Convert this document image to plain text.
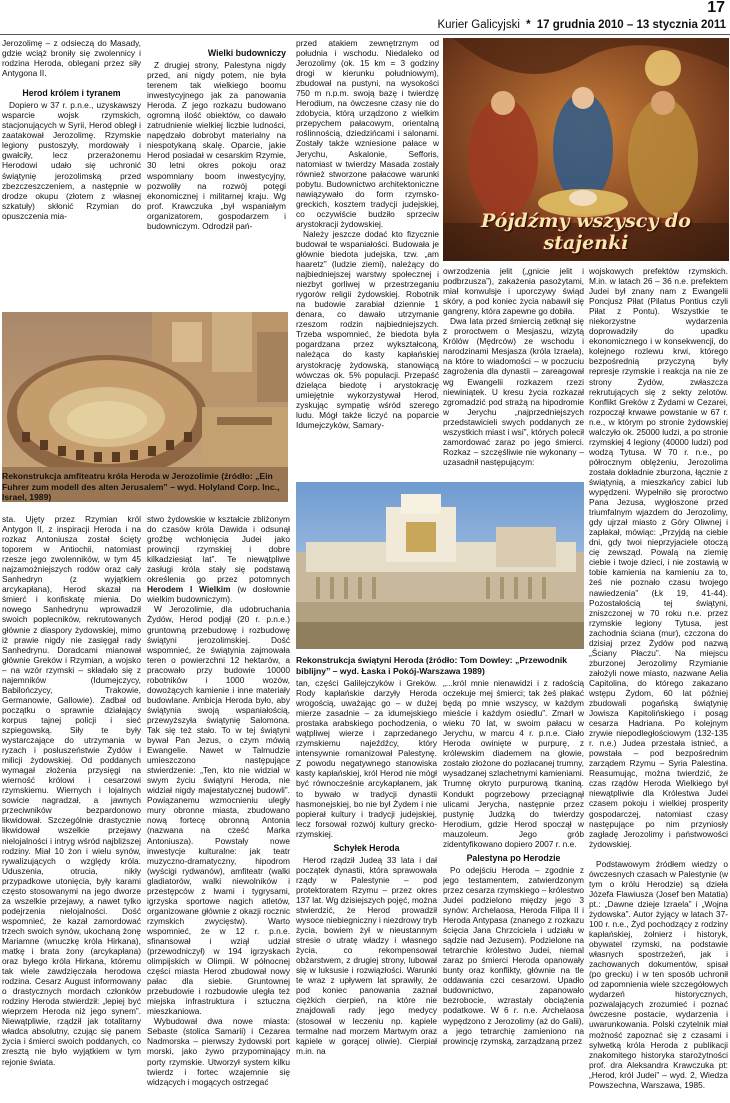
17
Kurier Galicyjski * 17 grudnia 2010 – 13 stycznia 2011

Jerozolimę – z odsieczą do Masady, gdzie wciąż broniły się zwolennicy i rodzina Heroda, oblegani przez siły Antygona II.

Herod królem i tyranem

Dopiero w 37 r. p.n.e., uzyskawszy wsparcie wojsk rzymskich, stacjonujących w Syrii, Herod obległ i zaatakował Jerozolimę. Rzymskie legiony pustoszyły, mordowały i gwałciły, lecz przerażonemu Herodowi udało się uchronić świątynię jerozolimską przed zbezczeszczeniem, a następnie w drodze okupu (złotem z własnej szkatuły) skłonić Rzymian do opuszczenia mia-

Wielki budowniczy

Z drugiej strony, Palestyna nigdy przed, ani nigdy potem, nie była terenem tak wielkiego boomu inwestycyjnego jak za panowania Heroda. Z jego rozkazu budowano ogromną ilość obiektów, co dawało zatrudnienie wielkiej liczbie ludności, napędzało dobrobyt materialny na niespotykaną skalę. Oparcie, jakie Herod posiadał w cesarskim Rzymie, 30 letni okres pokoju oraz wspomniany boom inwestycyjny, pozwoliły na rozwój potęgi ekonomicznej i militarnej kraju. Wg prof. Krawczuka „był wspaniałym organizatorem, gospodarzem i budowniczym. Odrodził pań-

przed atakiem zewnętrznym od południa i wschodu. Niedaleko od Jerozolimy (ok. 15 km = 3 godziny drogi w kierunku południowym), zbudował na pustyni, na wysokości 750 m n.p.m. swoją bazę i twierdzę Herodium, na ówczesne czasy nie do zdobycia, którą urządzono z wielkim przepychem pałacowym, orientalną roślinnością, dziedzińcami i salonami. Zostały także wzniesione pałace w Jerychu, Askalonie, Sefforis, natomiast w twierdzy Masada zostały również stworzone pałacowe warunki pobytu. Budownictwo architektoniczne nawiązywało do form rzymsko-greckich, kosztem tradycji judejskiej, co oczywiście budziło sprzeciw arystokracji żydowskiej.

Należy jeszcze dodać kto fizycznie budował te wspaniałości. Budowała je głównie biedota judejska, tzw. „am haaretz” (ludzie ziemi), należący do najbiedniejszej warstwy społecznej i niezbyt gorliwej w przestrzeganiu rygorów religii żydowskiej. Robotnik na budowie zarabiał dziennie 1 denara, co dawało utrzymanie rzeszom rodzin najbiedniejszych. Trzeba wspomnieć, że biedota była pogardzana przez wykształconą, należąca do kasty kapłańskiej arystokrację żydowską, stanowiącą wówczas ok. 5% populacji. Przepaść dzieląca biedotę i arystokrację umiejętnie wykorzystywał Herod, zyskując sympatię wśród szerego ludu. Mógł także liczyć na poparcie Idumejczyków, Samary-

owrzodzenia jelit („gnicie jelit i podbrzusza”), zakażenia pasożytami, miał konwulsje i uporczywy świąd skóry, a pod koniec życia nabawił się gangreny, która zapewne go dobiła.

Dwa lata przed śmiercią zetknął się z proroctwem o Mesjaszu, wizytą Królów (Mędrców) ze wschodu i narodzinami Mesjasza (króla Izraela), na które to wiadomości – w poczuciu zagrożenia dla dynastii – zareagował wg Ewangelii rozkazem rzezi niewiniątek. U kresu życia rozkazał zgromadzić pod strażą na hipodromie w Jerychu „najprzedniejszych przedstawicieli swych poddanych ze wszystkich miast i wsi”, których polecił zamordować zaraz po jego śmierci. Rozkaz – szczęśliwie nie wykonany – uzasadnił następującym:

wojskowych prefektów rzymskich. M.in. w latach 26 – 36 n.e. prefektem Judei był znany nam z Ewangelii Poncjusz Piłat (Pilatus Pontius czyli Piłat z Pontu). Wszystkie te niekorzystne wydarzenia doprowadziły do upadku ekonomicznego i w konsekwencji, do kolejnego rozlewu krwi, którego bezpośrednią przyczyną były represje rzymskie i reakcja na nie ze strony Żydów, zwłaszcza rekrutujących się z sekty zelotów. Konflikt Greków z Żydami w Cezarei, rozpoczął krwawe powstanie w 67 r. n.e., w którym po stronie żydowskiej walczyło ok. 25000 ludzi, a po stronie rzymskiej 4 legiony (40000 ludzi) pod wodzą Tytusa. W 70 r. n.e., po półrocznym oblężeniu, Jerozolima została dokładnie zburzona, łącznie z świątynią, a mieszkańcy zabici lub wypędzeni. Wypełniło się proroctwo Pana Jezusa, wygłoszone przed triumfalnym wjazdem do Jerozolimy, gdy ujrzał miasto z Góry Oliwnej i zapłakał, mówiąc: „Przyjdą na ciebie dni, gdy twoi nieprzyjaciele otoczą cię zewsząd. Powalą na ziemię ciebie i twoje dzieci, i nie zostawią w tobie kamienia na kamieniu za to, żeś nie poznało czasu twojego nawiedzenia” (Łk 19, 41-44). Pozostałością tej świątyni, zniszczonej w 70 roku n.e. przez rzymskie legiony Tytusa, jest zachodnia ściana (mur), czczona do dzisiaj przez Żydów pod nazwą „Ściany Płaczu”. Na miejscu zburzonej Jerozolimy Rzymianie założyli nowe miasto, nazwane Aelia Capitolina, do którego zakazano wstępu Żydom, 60 lat później zbudowali pogańską świątynię Jowisza Kapitolińskiego i posąg cesarza Hadriana. Po kolejnym zrywie niepodległościowym (132-135 r. n.e.) Judea przestała istnieć, a powstała – pod bezpośrednim zarządem Rzymu – Syria Palestina. Reasumując, można twierdzić, że czas rządów Heroda Wielkiego był niewątpliwie dla Królestwa Judei czasem pokoju i wielkiej prosperity gospodarczej, natomiast czasy następujące po nim przyniosły zagładę Jerozolimy i państwowości żydowskiej.

Podstawowym źródłem wiedzy o ówczesnych czasach w Palestynie (w tym o królu Herodzie) są dzieła Józefa Flawiusza (Josef ben Matatia) pt.: „Dawne dzieje Izraela” i „Wojna żydowska”. Autor żyjący w latach 37-100 r. n.e., Żyd pochodzący z rodziny kapłańskiej, żołnierz i historyk, obywatel rzymski, na podstawie własnych spostrzeżeń, jak i zachowanych dokumentów, spisał (po grecku) i w ten sposób uchronił od zapomnienia wiele szczegółowych wydarzeń historycznych, pozwalających zrozumieć i poznać ówczesne postacie, wydarzenia i uwarunkowania. Polski czytelnik miał możność zapoznać się z czasami i sylwetką króla Heroda z publikacji znakomitego historyka starożytności prof. dra Aleksandra Krawczuka pt: „Herod, król Judei” – wyd. 2, Wiedza Powszechna, Warszawa, 1985.

Pójdźmy wszyscy do stajenki
Rekonstrukcja amfiteatru króla Heroda w Jerozolimie (źródło: „Ein Fuhrer zum modell des alten Jerusalem” – wyd. Holyland Corp. Inc., Israel, 1989)
Rekonstrukcja świątyni Heroda (źródło: Tom Dowley: „Przewodnik biblijny” – wyd. Łaska i Pokój-Warszawa 1989)

sta. Ujęty przez Rzymian król Antygon II, z inspiracji Heroda i na rozkaz Antoniusza został ścięty toporem w Antiochii, natomiast rzesze jego zwolenników, w tym 45 najzamożniejszych rodów oraz cały Sanhedryn (z wyjątkiem arcykapłana), Herod skazał na śmierć i konfiskatę mienia. Do nowego Sanhedrynu wprowadził swoich poplecników, rekrutowanych głównie z diaspory żydowskiej, mimo iż prawie nigdy nie zasięgał rady Sanhedrynu. Doradcami mianował głównie Greków i Rzymian, a wojsko – na wzór rzymski – składało się z najemników (Idumejczycy, Babilończycy, Trakowie, Germanowie, Gallowie). Zadbał od początku o sprawnie działający korpus tajnej policji i sieć szpiegowską. Siły te były wystarczające do utrzymania w ryzach i posłuszeństwie Żydów i milicji żydowskiej. Od poddanych wymagał złożenia przysięgi na wierność królowi i cesarzowi rzymskiemu. Wiernych i lojalnych sowicie nagradzał, a jawnych przeciwników bezpardonowo likwidował. Szczególnie drastycznie likwidował wszelkie przejawy nielojalności i intryg wśród najbliższej rodziny. Miał 10 żon i wielu synów, rywalizujących o względy króla. Uduszenia, otrucia, nikły przypadkowe utonięcia, były karami często stosowanymi na jego dworze za wszelkie przejawy, a nawet tylko podejrzenia nielojalności. Dość wspomnieć, że kazał zamordować trzech swoich synów, ukochaną żonę Mariamne (wnuczkę króla Hirkana), matkę i brata żony (arcykapłana) oraz byłego króla Hirkana, któremu tak wiele zawdzięczała herodowa rodzina. Cesarz August informowany o drastycznych mordach członków rodziny Heroda stwierdził: „lepiej być wieprzem Heroda niż jego synem”. Niewątpliwie, rządził jak totalitarny władca absolutny, czując się panem życia i śmierci swoich poddanych, co zresztą nie było wyjątkiem w tym rejonie świata.

stwo żydowskie w kształcie zbliżonym do czasów króla Dawida i odsunął groźbę wchłonięcia Judei jako prowincji rzymskiej i dobre kilkadziesiąt lat”. Te niewątpliwe zasługi króla stały się podstawą określenia go przez potomnych Herodem I Wielkim (w dosłownie wielkim budowniczym).

W Jerozolimie, dla udobruchania Żydów, Herod podjął (20 r. p.n.e.) gruntowną przebudowę i rozbudowę świątyni jerozolimskiej. Dość wspomnieć, że świątynia zajmowała teren o powierzchni 12 hektarów, a pracowało przy budowie 10000 robotników i 1000 wozów, dowożących kamienie i inne materiały budowlane. Ambicja Heroda było, aby świątynia swoją wspaniałością, przewyższyła świątynię Salomona. Tak się też stało. To w tej świątyni bywał Pan Jezus, o czym mówią Ewangelie. Nawet w Talmudzie umieszczono następujące stwierdzenie: „Ten, kto nie widział w swym życiu świątyni Heroda, nie widział nigdy majestatycznej budowli”. Powiązanemu wzmocnieniu uległy mury obronne miasta, zbudowano nową fortecę obronną Antonia (nazwana na cześć Marka Antoniusza). Powstały nowe inwestycje kulturalne: jak teatr muzyczno-dramatyczny, hipodrom (wyścigi rydwanów), amfiteatr (walki gladiatorów, walki niewolników i przestępców z lwami i tygrysami, igrzyska sportowe nagich atletów, organizowane głównie z okazji rocznic rzymskich zwycięstw). Warto wspomnieć, że w 12 r. p.n.e. sfinansował i wziął udział (przewodniczył) w 194 igrzyskach olimpijskich w Olimpii. W północnej części miasta Herod zbudował nowy pałac dla siebie. Gruntownej przebudowie i rozbudowie uległa też miejska infrastruktura i sztuczna mieszkaniowa.

Wybudował dwa nowe miasta: Sebaste (stolica Samarii) i Cezarea Nadmorska – pierwszy żydowski port morski, jako żywo przypominający porty rzymskie. Utworzył system kilku twierdz i fortec wzajemnie się widzących i mogących ostrzegać

tan, części Galilejczyków i Greków. Rody kapłańskie darzyły Heroda wrogością, uważając go – w dużej mierze zasadnie – za idumejskiego prostaka arabskiego pochodzenia, o wątpliwej wierze i zaprzedanego rzymskiemu najeźdźcy, który intensywnie romanizował Palestynę. Z powodu negatywnego stanowiska kasty kapłańskiej, król Herod nie mógł być równocześnie arcykapłanem, jak to bywało w tradycji dynastii hasmonejskiej, bo nie był Żydem i nie popierał kultury i tradycji judejskiej, lecz forsował rozwój kultury grecko-rzymskiej.

Schyłek Heroda

Herod rządził Judeą 33 lata i dał początek dynastii, która sprawowała rządy w Palestynie – pod protektoratem Rzymu – przez okres 137 lat. Wg dzisiejszych pojęć, można stwierdzić, że Herod prowadził wysoce niebiegniczny i niezdrowy tryb życia, bowiem żył w nieustannym stresie o utratę władzy i własnego życia, co rekompensował obżarstwem, z drugiej strony, lubował się w luksusie i rozwiązłości. Warunki te wraz z upływem lat sprawiły, że pod koniec panowania zaznał ciężkich cierpień, na które nie znajdowali rady jego medycy (stosował w leczeniu np. kąpiele termalne nad morzem Martwym oraz kąpiele w gorącej oliwie). Cierpiał m.in. na

„...król mnie nienawidzi i z radością oczekuje mej śmierci; tak żeś płakać będą po mnie wszyscy, w każdym mieście i każdym osiedlu”. Zmarł w wieku 70 lat, w swoim pałacu w Jerychu, w marcu 4 r. p.n.e. Ciało Heroda owinięte w purpurę, z królewskim diademem na głowie, zostało złożone do pozłacanej trumny, wysadzanej szlachetnymi kamieniami. Trumnę okryto purpurową tkaniną. Kondukt pogrzebowy przeciągnął ulicami Jerycha, następnie przez pustynię Judzką do twierdzy Herodium, gdzie Herod spoczął w mauzoleum. Jego grób zidentyfikowano dopiero 2007 r. n.e.

Palestyna po Herodzie

Po odejściu Heroda – zgodnie z jego testamentem, zatwierdzonym przez cesarza rzymskiego – królestwo Judei podzielono między jego 3 synów: Archelaosa, Heroda Filipa II i Heroda Antypasa (znanego z rozkazu ścięcia Jana Chrzciciela i udziału w sądzie nad Jezusem). Podzielone na tetrarchie królestwo Judei, niemal zaraz po śmierci Heroda opanowały bunty oraz konflikty, głównie na tle oddawania czci cesarzowi. Upadło budownictwo, zapanowało bezrobocie, wzrastały obciążenia podatkowe. W 6 r. n.e. Archelaosa wypędzono z Jerozolimy (aż do Galii), a jego tetrarchię zamieniono na prowincję rzymską, zarządzaną przez
